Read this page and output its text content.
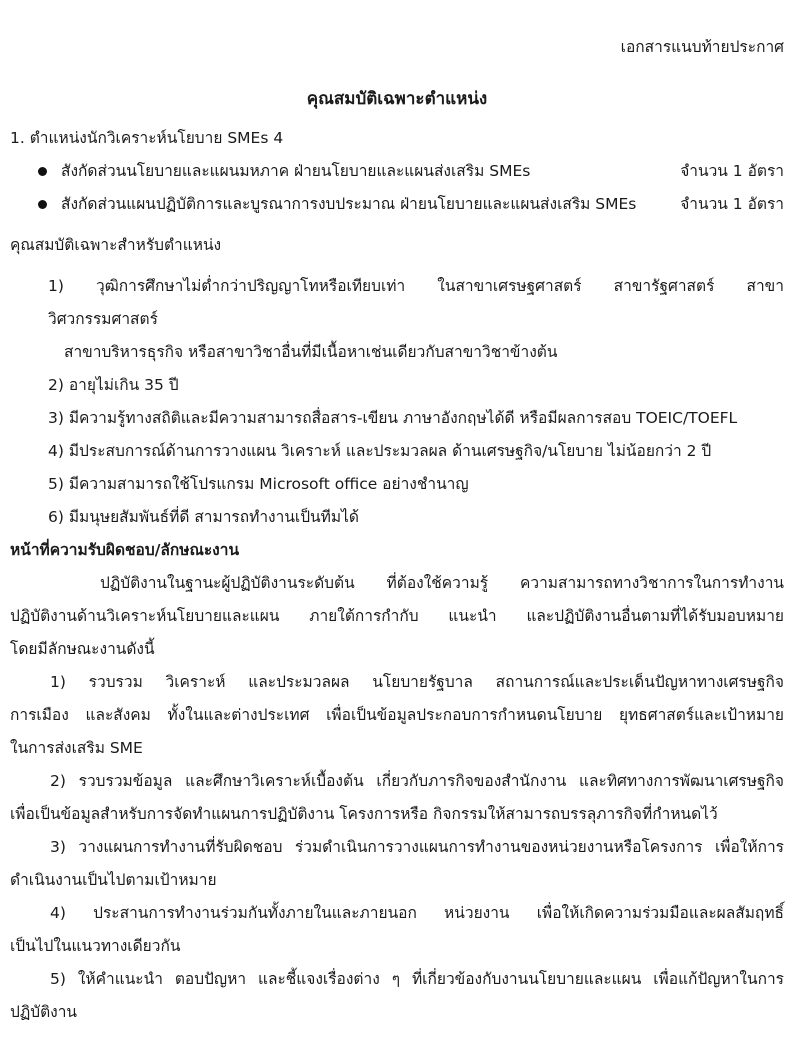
เอกสารแนบท้ายประกาศ
คุณสมบัติเฉพาะตำแหน่ง
1. ตำแหน่งนักวิเคราะห์นโยบาย SMEs 4
สังกัดส่วนนโยบายและแผนมหภาค ฝ่ายนโยบายและแผนส่งเสริม SMEs	จำนวน 1 อัตรา
สังกัดส่วนแผนปฏิบัติการและบูรณาการงบประมาณ ฝ่ายนโยบายและแผนส่งเสริม SMEs	จำนวน 1 อัตรา
คุณสมบัติเฉพาะสำหรับตำแหน่ง
1) วุฒิการศึกษาไม่ต่ำกว่าปริญญาโทหรือเทียบเท่า ในสาขาเศรษฐศาสตร์ สาขารัฐศาสตร์ สาขาวิศวกรรมศาสตร์
สาขาบริหารธุรกิจ หรือสาขาวิชาอื่นที่มีเนื้อหาเช่นเดียวกับสาขาวิชาข้างต้น
2) อายุไม่เกิน 35 ปี
3) มีความรู้ทางสถิติและมีความสามารถสื่อสาร-เขียน ภาษาอังกฤษได้ดี หรือมีผลการสอบ TOEIC/TOEFL
4) มีประสบการณ์ด้านการวางแผน วิเคราะห์ และประมวลผล ด้านเศรษฐกิจ/นโยบาย ไม่น้อยกว่า 2 ปี
5) มีความสามารถใช้โปรแกรม Microsoft office อย่างชำนาญ
6) มีมนุษยสัมพันธ์ที่ดี สามารถทำงานเป็นทีมได้
หน้าที่ความรับผิดชอบ/ลักษณะงาน
ปฏิบัติงานในฐานะผู้ปฏิบัติงานระดับต้น ที่ต้องใช้ความรู้ ความสามารถทางวิชาการในการทำงาน
ปฏิบัติงานด้านวิเคราะห์นโยบายและแผน ภายใต้การกำกับ แนะนำ และปฏิบัติงานอื่นตามที่ได้รับมอบหมาย
โดยมีลักษณะงานดังนี้
1) รวบรวม วิเคราะห์ และประมวลผล นโยบายรัฐบาล สถานการณ์และประเด็นปัญหาทางเศรษฐกิจ
การเมือง และสังคม ทั้งในและต่างประเทศ เพื่อเป็นข้อมูลประกอบการกำหนดนโยบาย ยุทธศาสตร์และเป้าหมาย
ในการส่งเสริม SME
2) รวบรวมข้อมูล และศึกษาวิเคราะห์เบื้องต้น เกี่ยวกับภารกิจของสำนักงาน และทิศทางการพัฒนาเศรษฐกิจ
เพื่อเป็นข้อมูลสำหรับการจัดทำแผนการปฏิบัติงาน โครงการหรือ กิจกรรมให้สามารถบรรลุภารกิจที่กำหนดไว้
3) วางแผนการทำงานที่รับผิดชอบ ร่วมดำเนินการวางแผนการทำงานของหน่วยงานหรือโครงการ เพื่อให้การ
ดำเนินงานเป็นไปตามเป้าหมาย
4) ประสานการทำงานร่วมกันทั้งภายในและภายนอก หน่วยงาน เพื่อให้เกิดความร่วมมือและผลสัมฤทธิ์
เป็นไปในแนวทางเดียวกัน
5) ให้คำแนะนำ ตอบปัญหา และชี้แจงเรื่องต่าง ๆ ที่เกี่ยวข้องกับงานนโยบายและแผน เพื่อแก้ปัญหาในการ
ปฏิบัติงาน
